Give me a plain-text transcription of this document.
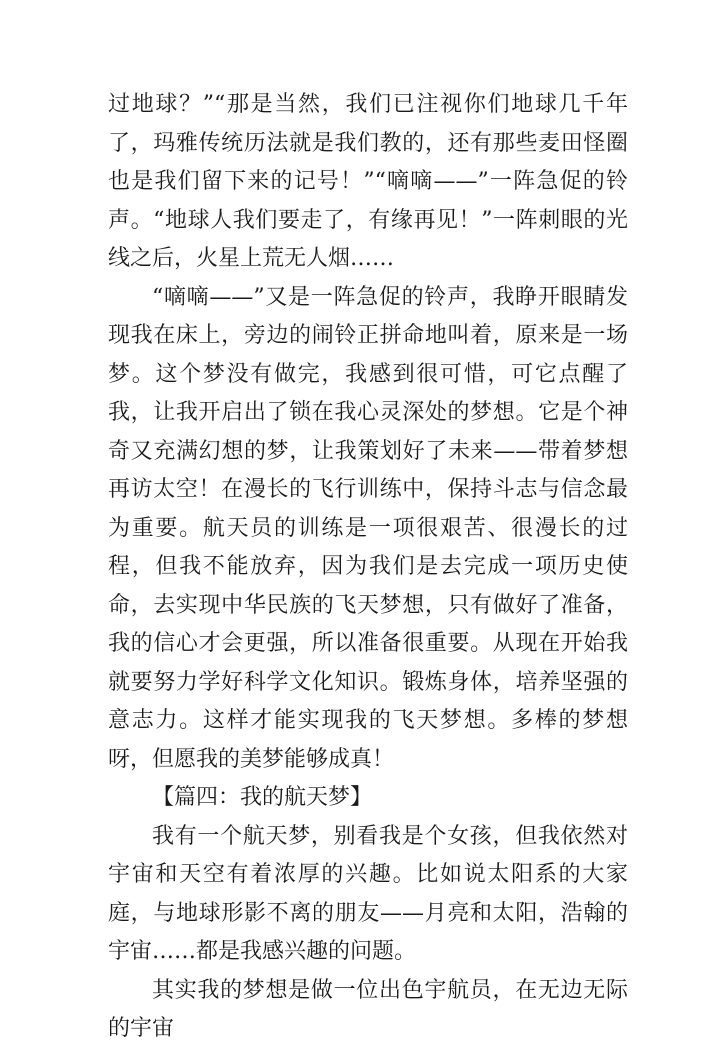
过地球？”“那是当然，我们已注视你们地球几千年了，玛雅传统历法就是我们教的，还有那些麦田怪圈也是我们留下来的记号！”“嘀嘀——”一阵急促的铃声。“地球人我们要走了，有缘再见！”一阵刺眼的光线之后，火星上荒无人烟……

“嘀嘀——”又是一阵急促的铃声，我睁开眼睛发现我在床上，旁边的闹铃正拼命地叫着，原来是一场梦。这个梦没有做完，我感到很可惜，可它点醒了我，让我开启出了锁在我心灵深处的梦想。它是个神奇又充满幻想的梦，让我策划好了未来——带着梦想再访太空！在漫长的飞行训练中，保持斗志与信念最为重要。航天员的训练是一项很艰苦、很漫长的过程，但我不能放弃，因为我们是去完成一项历史使命，去实现中华民族的飞天梦想，只有做好了准备，我的信心才会更强，所以准备很重要。从现在开始我就要努力学好科学文化知识。锻炼身体，培养坚强的意志力。这样才能实现我的飞天梦想。多棒的梦想呀，但愿我的美梦能够成真！

【篇四：我的航天梦】

我有一个航天梦，别看我是个女孩，但我依然对宇宙和天空有着浓厚的兴趣。比如说太阳系的大家庭，与地球形影不离的朋友——月亮和太阳，浩翰的宇宙……都是我感兴趣的问题。

其实我的梦想是做一位出色宇航员，在无边无际的宇宙
